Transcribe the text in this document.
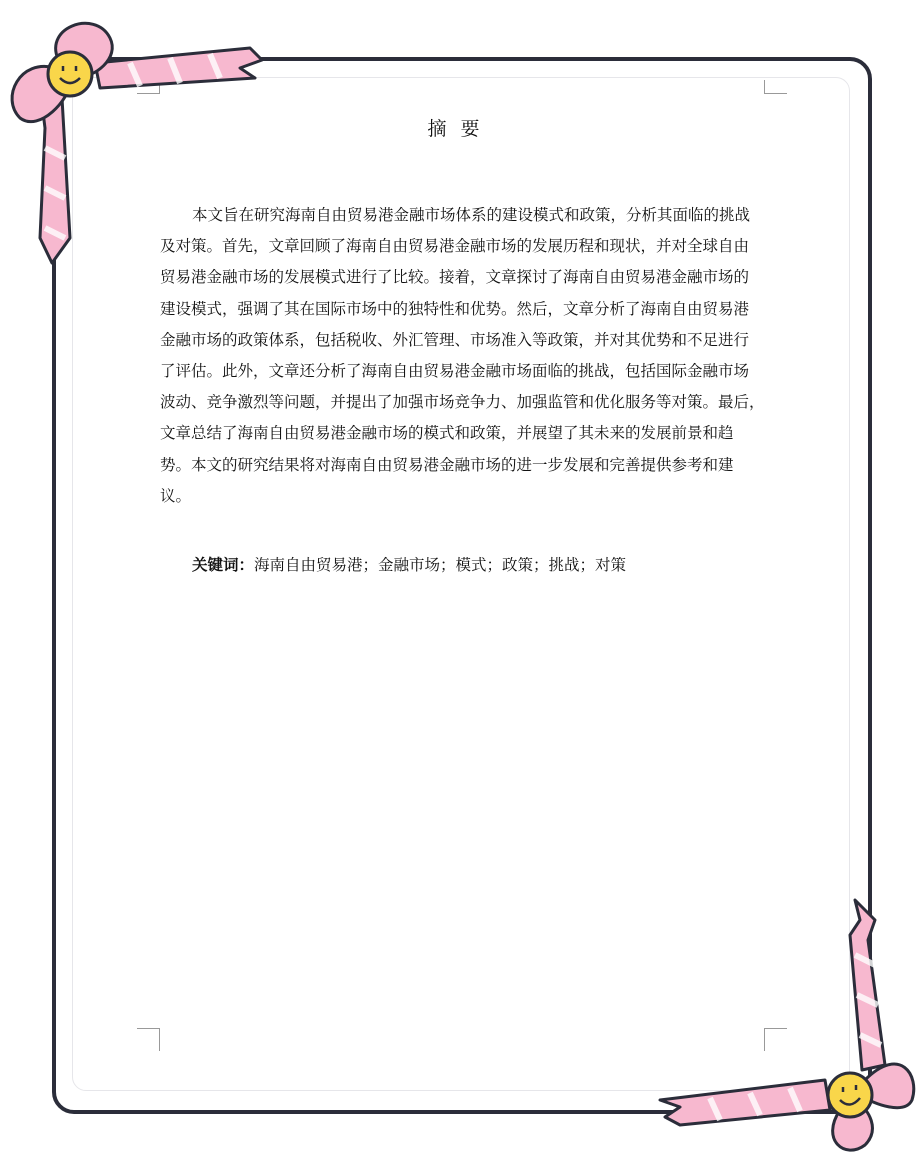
摘要
本文旨在研究海南自由贸易港金融市场体系的建设模式和政策，分析其面临的挑战
及对策。首先，文章回顾了海南自由贸易港金融市场的发展历程和现状，并对全球自由
贸易港金融市场的发展模式进行了比较。接着，文章探讨了海南自由贸易港金融市场的
建设模式，强调了其在国际市场中的独特性和优势。然后，文章分析了海南自由贸易港
金融市场的政策体系，包括税收、外汇管理、市场准入等政策，并对其优势和不足进行
了评估。此外，文章还分析了海南自由贸易港金融市场面临的挑战，包括国际金融市场
波动、竞争激烈等问题，并提出了加强市场竞争力、加强监管和优化服务等对策。最后，
文章总结了海南自由贸易港金融市场的模式和政策，并展望了其未来的发展前景和趋
势。本文的研究结果将对海南自由贸易港金融市场的进一步发展和完善提供参考和建
议。
关键词：海南自由贸易港；金融市场；模式；政策；挑战；对策
